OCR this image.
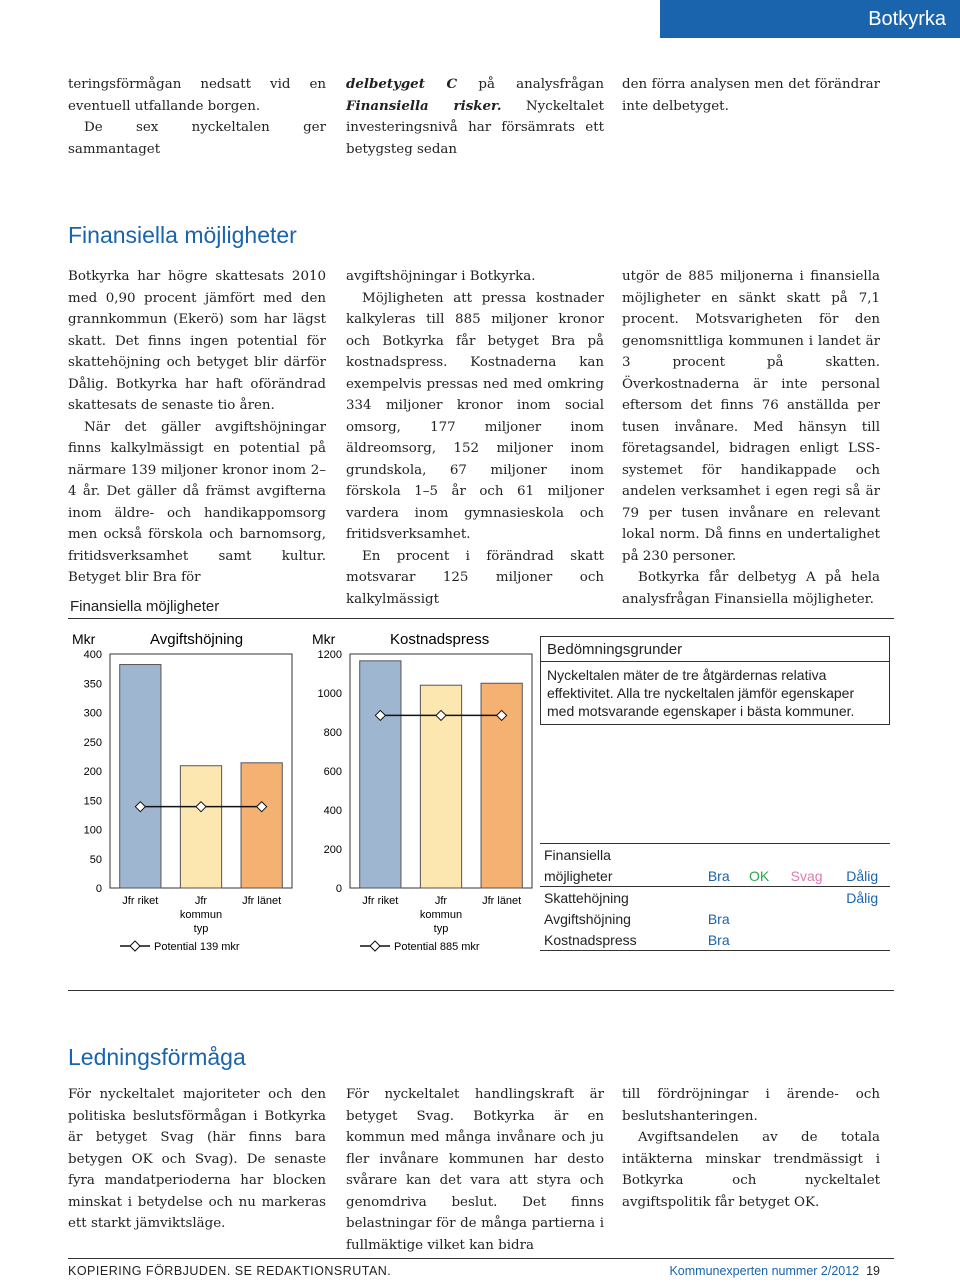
Botkyrka

teringsförmågan nedsatt vid en eventuell utfallande borgen.

De sex nyckeltalen ger sammantaget

delbetyget C på analysfrågan Finansiella risker. Nyckeltalet investeringsnivå har försämrats ett betygsteg sedan

den förra analysen men det förändrar inte delbetyget.

Finansiella möjligheter

Botkyrka har högre skattesats 2010 med 0,90 procent jämfört med den grannkommun (Ekerö) som har lägst skatt. Det finns ingen potential för skattehöjning och betyget blir därför Dålig. Botkyrka har haft oförändrad skattesats de senaste tio åren.

När det gäller avgiftshöjningar finns kalkylmässigt en potential på närmare 139 miljoner kronor inom 2–4 år. Det gäller då främst avgifterna inom äldre- och handikappomsorg men också förskola och barnomsorg, fritidsverksamhet samt kultur. Betyget blir Bra för

avgiftshöjningar i Botkyrka.

Möjligheten att pressa kostnader kalkyleras till 885 miljoner kronor och Botkyrka får betyget Bra på kostnadspress. Kostnaderna kan exempelvis pressas ned med omkring 334 miljoner kronor inom social omsorg, 177 miljoner inom äldreomsorg, 152 miljoner inom grundskola, 67 miljoner inom förskola 1–5 år och 61 miljoner vardera inom gymnasieskola och fritidsverksamhet.

En procent i förändrad skatt motsvarar 125 miljoner och kalkylmässigt

utgör de 885 miljonerna i finansiella möjligheter en sänkt skatt på 7,1 procent. Motsvarigheten för den genomsnittliga kommunen i landet är 3 procent på skatten. Överkostnaderna är inte personal eftersom det finns 76 anställda per tusen invånare. Med hänsyn till företagsandel, bidragen enligt LSS-systemet för handikappade och andelen verksamhet i egen regi så är 79 per tusen invånare en relevant lokal norm. Då finns en undertalighet på 230 personer.

Botkyrka får delbetyg A på hela analysfrågan Finansiella möjligheter.

Finansiella möjligheter
Mkr	Avgiftshöjning
0
50
100
150
200
250
300
350
400
Jfr riket	Jfr
kommun
typ
Jfr länet
Potential 139 mkr
Mkr	Kostnadspress
0
200
400
600
800
1000
1200
Jfr riket	Jfr
kommun
typ
Jfr länet
Potential 885 mkr
Bedömningsgrunder
Nyckeltalen mäter de tre åtgärdernas relativa effektivitet. Alla tre nyckeltalen jämför egenskaper med motsvarande egenskaper i bästa kommuner.
Finansiella				
möjligheter	Bra	OK	Svag	Dålig
Skattehöjning				Dålig
Avgiftshöjning	Bra			
Kostnadspress	Bra			
Ledningsförmåga

För nyckeltalet majoriteter och den politiska beslutsförmågan i Botkyrka är betyget Svag (här finns bara betygen OK och Svag). De senaste fyra mandatperioderna har blocken minskat i betydelse och nu markeras ett starkt jämviktsläge.

För nyckeltalet handlingskraft är betyget Svag. Botkyrka är en kommun med många invånare och ju fler invånare kommunen har desto svårare kan det vara att styra och genomdriva beslut. Det finns belastningar för de många partierna i fullmäktige vilket kan bidra

till fördröjningar i ärende- och beslutshanteringen.

Avgiftsandelen av de totala intäkterna minskar trendmässigt i Botkyrka och nyckeltalet avgiftspolitik får betyget OK.

KOPIERING FÖRBJUDEN. SE REDAKTIONSRUTAN.	Kommunexperten nummer 2/2012 19
